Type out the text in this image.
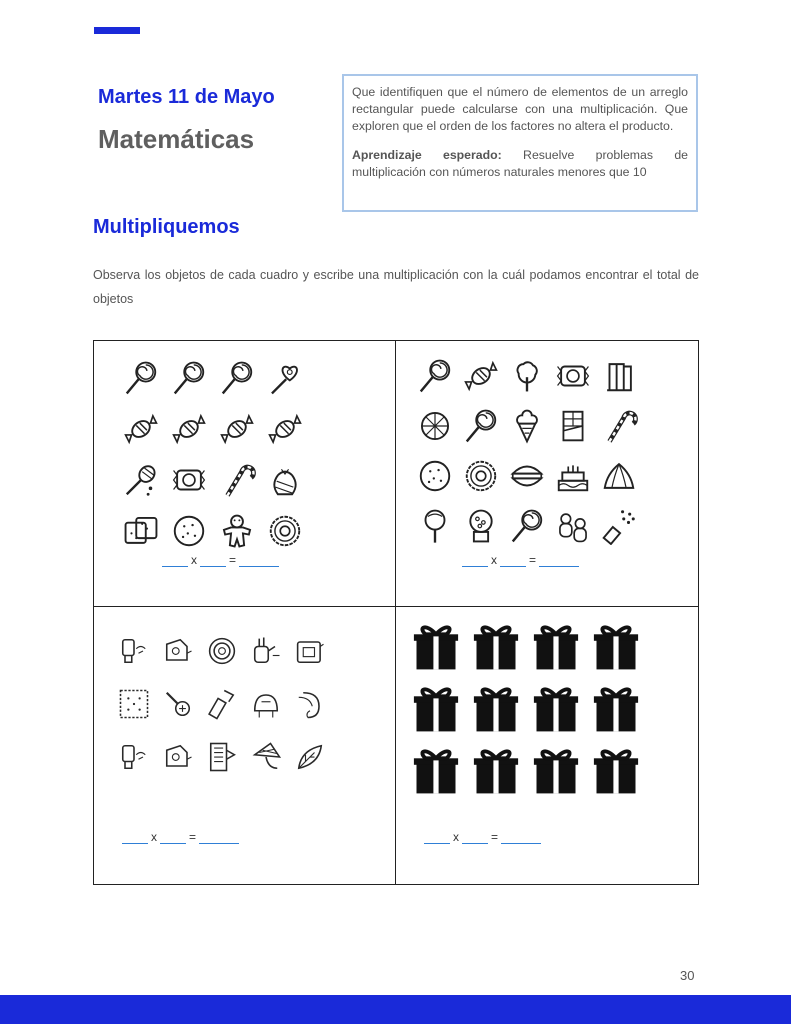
Martes 11 de Mayo
Matemáticas

Que identifiquen que el número de elementos de un arreglo rectangular puede calcularse con una multiplicación. Que exploren que el orden de los factores no altera el producto.

Aprendizaje esperado: Resuelve problemas de multiplicación con números naturales menores que 10

Multipliquemos

Observa los objetos de cada cuadro y escribe una multiplicación con la cuál podamos encontrar el total de objetos

x	=	x	=
x	=	x	=
30
